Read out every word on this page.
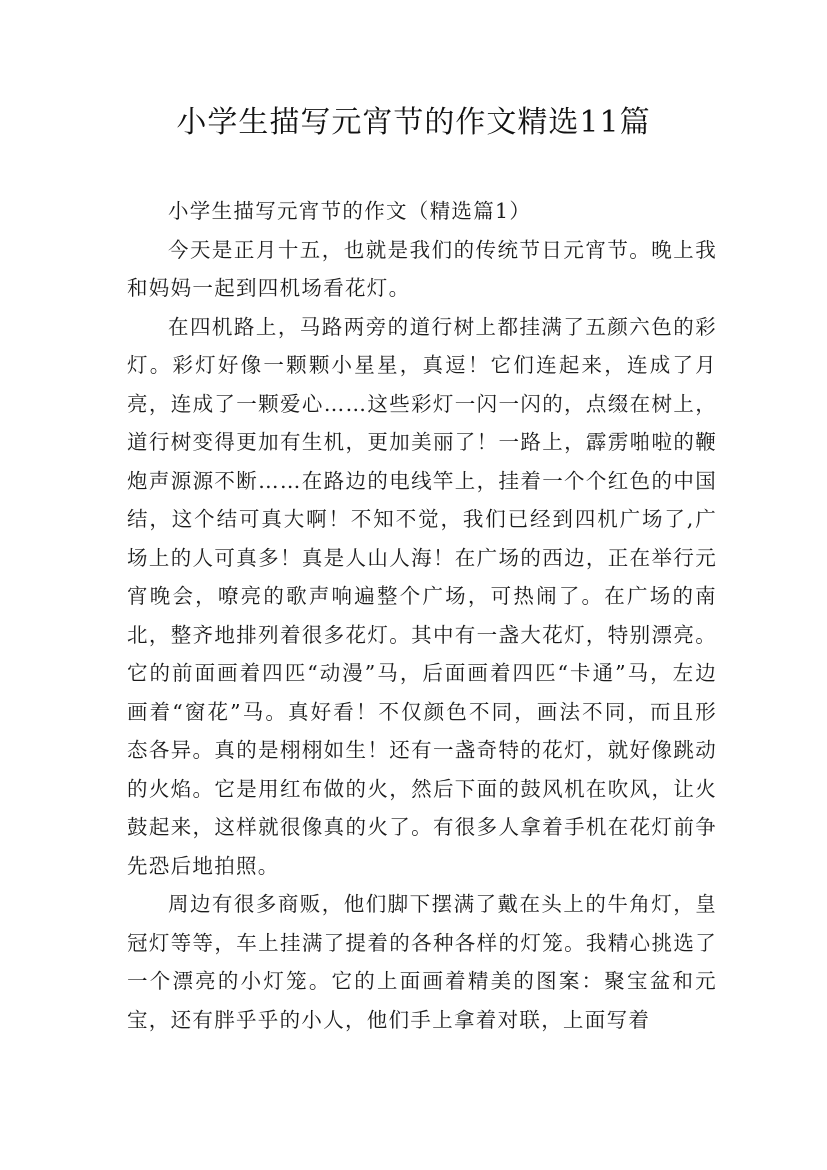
小学生描写元宵节的作文精选11篇

小学生描写元宵节的作文（精选篇1）

今天是正月十五，也就是我们的传统节日元宵节。晚上我和妈妈一起到四机场看花灯。

在四机路上，马路两旁的道行树上都挂满了五颜六色的彩灯。彩灯好像一颗颗小星星，真逗！它们连起来，连成了月亮，连成了一颗爱心……这些彩灯一闪一闪的，点缀在树上，道行树变得更加有生机，更加美丽了！一路上，霹雳啪啦的鞭炮声源源不断……在路边的电线竿上，挂着一个个红色的中国结，这个结可真大啊！不知不觉，我们已经到四机广场了,广场上的人可真多！真是人山人海！在广场的西边，正在举行元宵晚会，嘹亮的歌声响遍整个广场，可热闹了。在广场的南北，整齐地排列着很多花灯。其中有一盏大花灯，特别漂亮。它的前面画着四匹“动漫”马，后面画着四匹“卡通”马，左边画着“窗花”马。真好看！不仅颜色不同，画法不同，而且形态各异。真的是栩栩如生！还有一盏奇特的花灯，就好像跳动的火焰。它是用红布做的火，然后下面的鼓风机在吹风，让火鼓起来，这样就很像真的火了。有很多人拿着手机在花灯前争先恐后地拍照。

周边有很多商贩，他们脚下摆满了戴在头上的牛角灯，皇冠灯等等，车上挂满了提着的各种各样的灯笼。我精心挑选了一个漂亮的小灯笼。它的上面画着精美的图案：聚宝盆和元宝，还有胖乎乎的小人，他们手上拿着对联，上面写着
